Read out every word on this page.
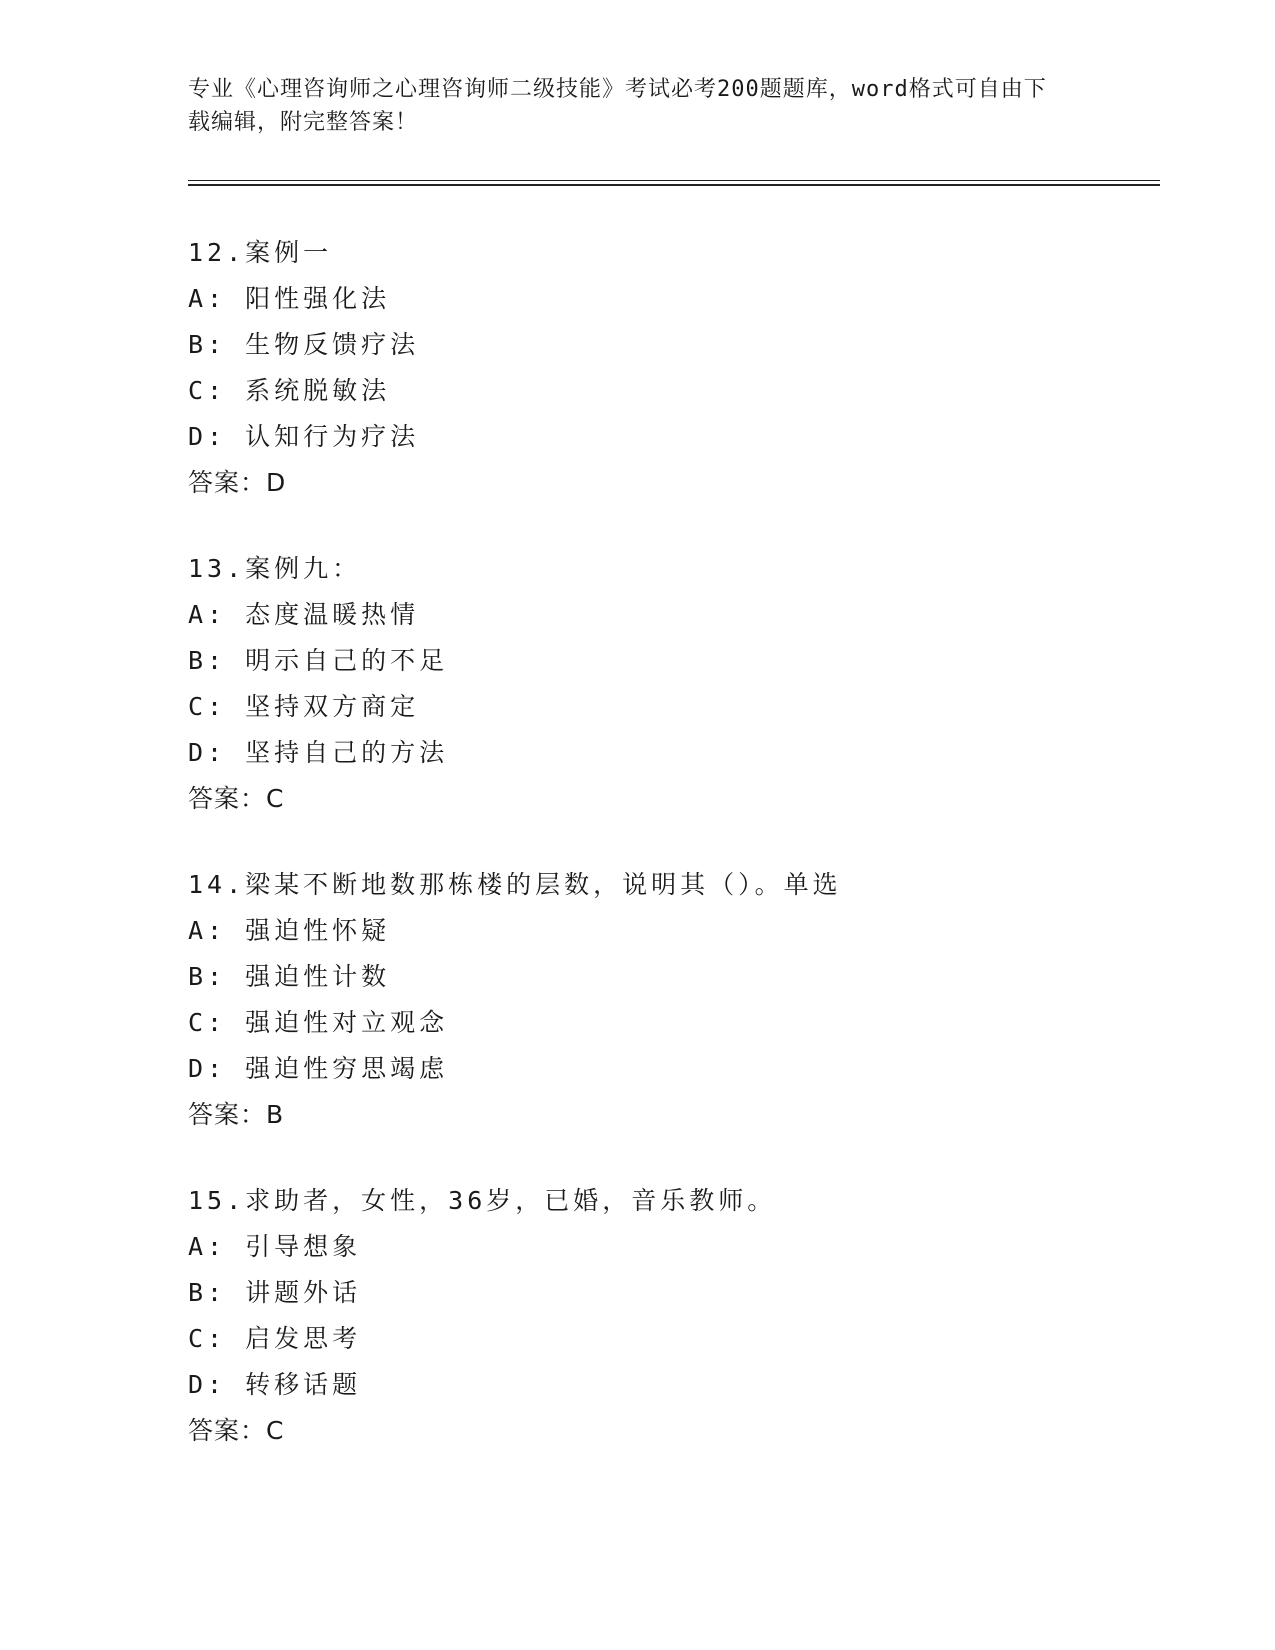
专业《心理咨询师之心理咨询师二级技能》考试必考200题题库，word格式可自由下载编辑，附完整答案！
12.案例一
A: 阳性强化法
B: 生物反馈疗法
C: 系统脱敏法
D: 认知行为疗法
答案：D
13.案例九：
A: 态度温暖热情
B: 明示自己的不足
C: 坚持双方商定
D: 坚持自己的方法
答案：C
14.梁某不断地数那栋楼的层数，说明其（）。单选
A: 强迫性怀疑
B: 强迫性计数
C: 强迫性对立观念
D: 强迫性穷思竭虑
答案：B
15.求助者，女性，36岁，已婚，音乐教师。
A: 引导想象
B: 讲题外话
C: 启发思考
D: 转移话题
答案：C
